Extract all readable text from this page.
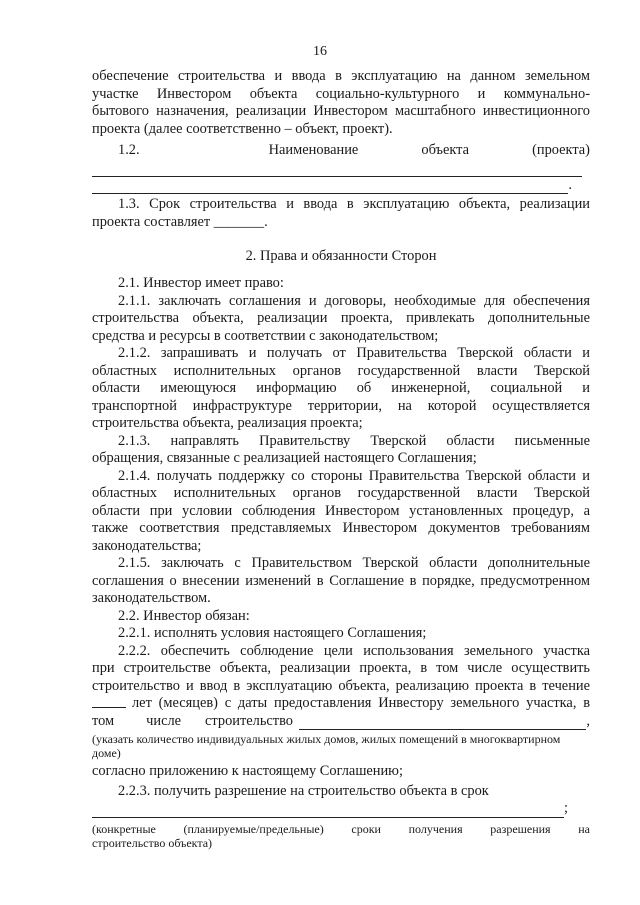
16

обеспечение строительства и ввода в эксплуатацию на данном земельном

участке Инвестором объекта социально-культурного и коммунально-

бытового назначения, реализации Инвестором масштабного инвестиционного

проекта (далее соответственно – объект, проект).

1.2.	Наименование	объекта	(проекта)
.

1.3. Срок строительства и ввода в эксплуатацию объекта, реализации

проекта составляет _______.

2. Права и обязанности Сторон

2.1. Инвестор имеет право:

2.1.1. заключать соглашения и договоры, необходимые для обеспечения

строительства объекта, реализации проекта, привлекать дополнительные

средства и ресурсы в соответствии с законодательством;

2.1.2. запрашивать и получать от Правительства Тверской области и

областных исполнительных органов государственной власти Тверской

области имеющуюся информацию об инженерной, социальной и

транспортной инфраструктуре территории, на которой осуществляется

строительства объекта, реализация проекта;

2.1.3. направлять Правительству Тверской области письменные

обращения, связанные с реализацией настоящего Соглашения;

2.1.4. получать поддержку со стороны Правительства Тверской области и

областных исполнительных органов государственной власти Тверской

области при условии соблюдения Инвестором установленных процедур, а

также соответствия представляемых Инвестором документов требованиям

законодательства;

2.1.5. заключать с Правительством Тверской области дополнительные

соглашения о внесении изменений в Соглашение в порядке, предусмотренном

законодательством.

2.2. Инвестор обязан:

2.2.1. исполнять условия настоящего Соглашения;

2.2.2. обеспечить соблюдение цели использования земельного участка

при строительстве объекта, реализации проекта, в том числе осуществить

строительство и ввод в эксплуатацию объекта, реализацию проекта в течение

лет (месяцев) с даты предоставления Инвестору земельного участка, в
том числе строительство	,

(указать количество индивидуальных жилых домов, жилых помещений в многоквартирном

доме)

согласно приложению к настоящему Соглашению;

2.2.3. получить разрешение на строительство объекта в срок

;
(конкретные (планируемые/предельные) сроки получения разрешения на

строительство объекта)
